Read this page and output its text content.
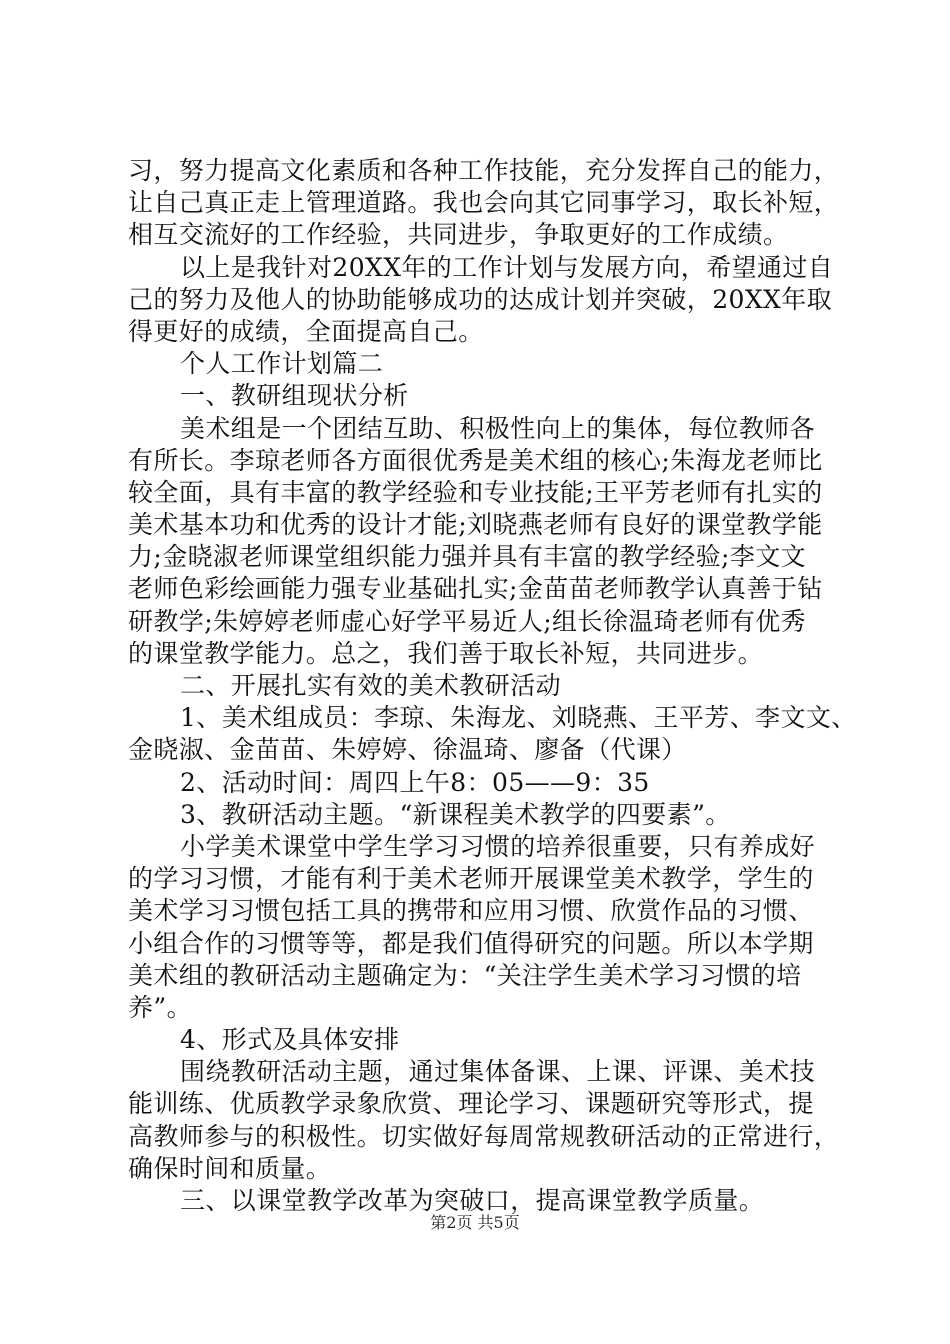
习，努力提高文化素质和各种工作技能，充分发挥自己的能力，
让自己真正走上管理道路。我也会向其它同事学习，取长补短，
相互交流好的工作经验，共同进步，争取更好的工作成绩。
以上是我针对20XX年的工作计划与发展方向，希望通过自
己的努力及他人的协助能够成功的达成计划并突破，20XX年取
得更好的成绩，全面提高自己。
个人工作计划篇二
一、教研组现状分析
美术组是一个团结互助、积极性向上的集体，每位教师各
有所长。李琼老师各方面很优秀是美术组的核心;朱海龙老师比
较全面，具有丰富的教学经验和专业技能;王平芳老师有扎实的
美术基本功和优秀的设计才能;刘晓燕老师有良好的课堂教学能
力;金晓淑老师课堂组织能力强并具有丰富的教学经验;李文文
老师色彩绘画能力强专业基础扎实;金苗苗老师教学认真善于钻
研教学;朱婷婷老师虚心好学平易近人;组长徐温琦老师有优秀
的课堂教学能力。总之，我们善于取长补短，共同进步。
二、开展扎实有效的美术教研活动
1、美术组成员：李琼、朱海龙、刘晓燕、王平芳、李文文、
金晓淑、金苗苗、朱婷婷、徐温琦、廖备（代课）
2、活动时间：周四上午8：05——9：35
3、教研活动主题。“新课程美术教学的四要素”。
小学美术课堂中学生学习习惯的培养很重要，只有养成好
的学习习惯，才能有利于美术老师开展课堂美术教学，学生的
美术学习习惯包括工具的携带和应用习惯、欣赏作品的习惯、
小组合作的习惯等等，都是我们值得研究的问题。所以本学期
美术组的教研活动主题确定为：“关注学生美术学习习惯的培
养”。
4、形式及具体安排
围绕教研活动主题，通过集体备课、上课、评课、美术技
能训练、优质教学录象欣赏、理论学习、课题研究等形式，提
高教师参与的积极性。切实做好每周常规教研活动的正常进行，
确保时间和质量。
三、以课堂教学改革为突破口，提高课堂教学质量。
第2页 共5页
